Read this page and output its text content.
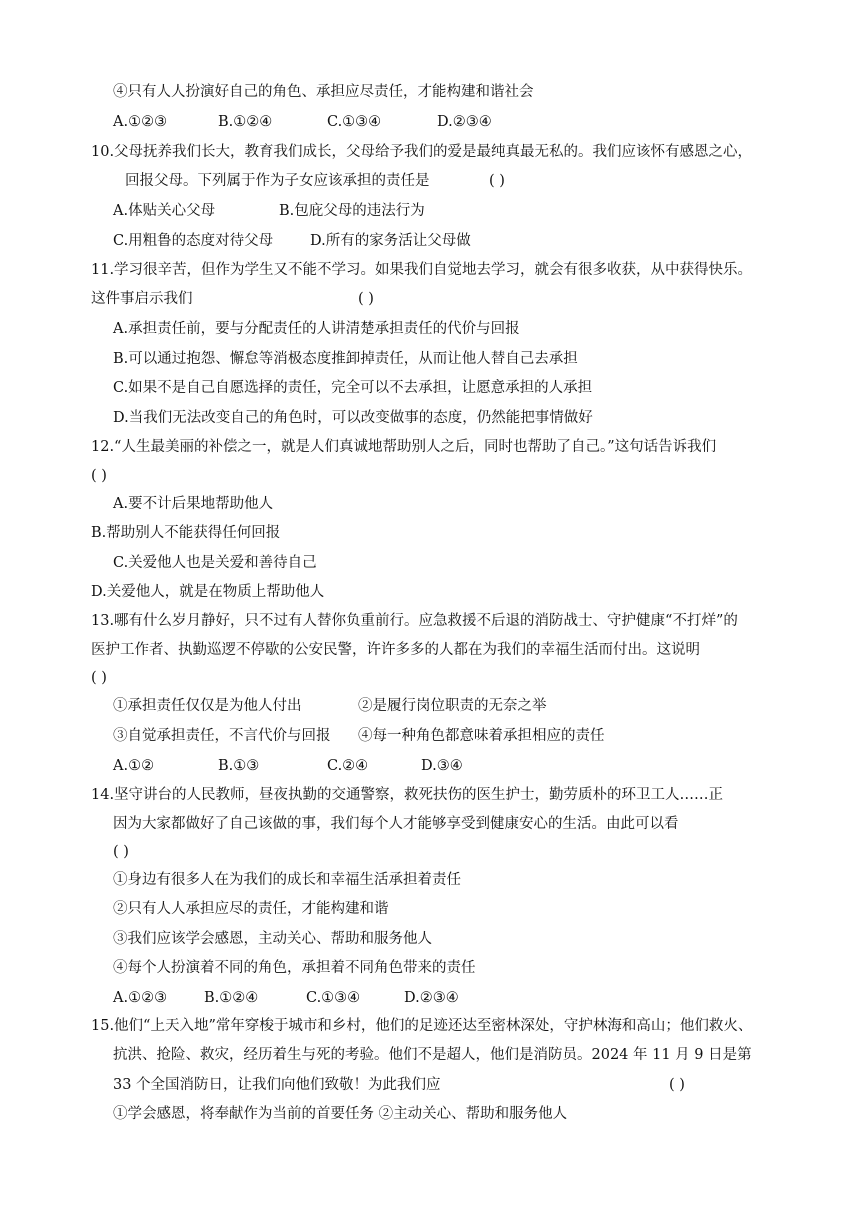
④只有人人扮演好自己的角色、承担应尽责任，才能构建和谐社会
A.①②③	B.①②④	C.①③④	D.②③④
10.父母抚养我们长大，教育我们成长，父母给予我们的爱是最纯真最无私的。我们应该怀有感恩之心，
回报父母。下列属于作为子女应该承担的责任是	( )
A.体贴关心父母	B.包庇父母的违法行为
C.用粗鲁的态度对待父母	D.所有的家务活让父母做
11.学习很辛苦，但作为学生又不能不学习。如果我们自觉地去学习，就会有很多收获，从中获得快乐。
这件事启示我们	( )
A.承担责任前，要与分配责任的人讲清楚承担责任的代价与回报
B.可以通过抱怨、懈怠等消极态度推卸掉责任，从而让他人替自己去承担
C.如果不是自己自愿选择的责任，完全可以不去承担，让愿意承担的人承担
D.当我们无法改变自己的角色时，可以改变做事的态度，仍然能把事情做好
12.“人生最美丽的补偿之一，就是人们真诚地帮助别人之后，同时也帮助了自己。”这句话告诉我们
( )
A.要不计后果地帮助他人
B.帮助别人不能获得任何回报
C.关爱他人也是关爱和善待自己
D.关爱他人，就是在物质上帮助他人
13.哪有什么岁月静好，只不过有人替你负重前行。应急救援不后退的消防战士、守护健康“不打烊”的
医护工作者、执勤巡逻不停歇的公安民警，许许多多的人都在为我们的幸福生活而付出。这说明
( )
①承担责任仅仅是为他人付出	②是履行岗位职责的无奈之举
③自觉承担责任，不言代价与回报 ④每一种角色都意味着承担相应的责任
A.①②	B.①③	C.②④	D.③④
14.坚守讲台的人民教师，昼夜执勤的交通警察，救死扶伤的医生护士，勤劳质朴的环卫工人……正
因为大家都做好了自己该做的事，我们每个人才能够享受到健康安心的生活。由此可以看
( )
①身边有很多人在为我们的成长和幸福生活承担着责任
②只有人人承担应尽的责任，才能构建和谐
③我们应该学会感恩，主动关心、帮助和服务他人
④每个人扮演着不同的角色，承担着不同角色带来的责任
A.①②③	B.①②④	C.①③④	D.②③④
15.他们“上天入地”常年穿梭于城市和乡村，他们的足迹还达至密林深处，守护林海和高山；他们救火、
抗洪、抢险、救灾，经历着生与死的考验。他们不是超人，他们是消防员。2024 年 11 月 9 日是第
33 个全国消防日，让我们向他们致敬！为此我们应	( )
①学会感恩，将奉献作为当前的首要任务 ②主动关心、帮助和服务他人
